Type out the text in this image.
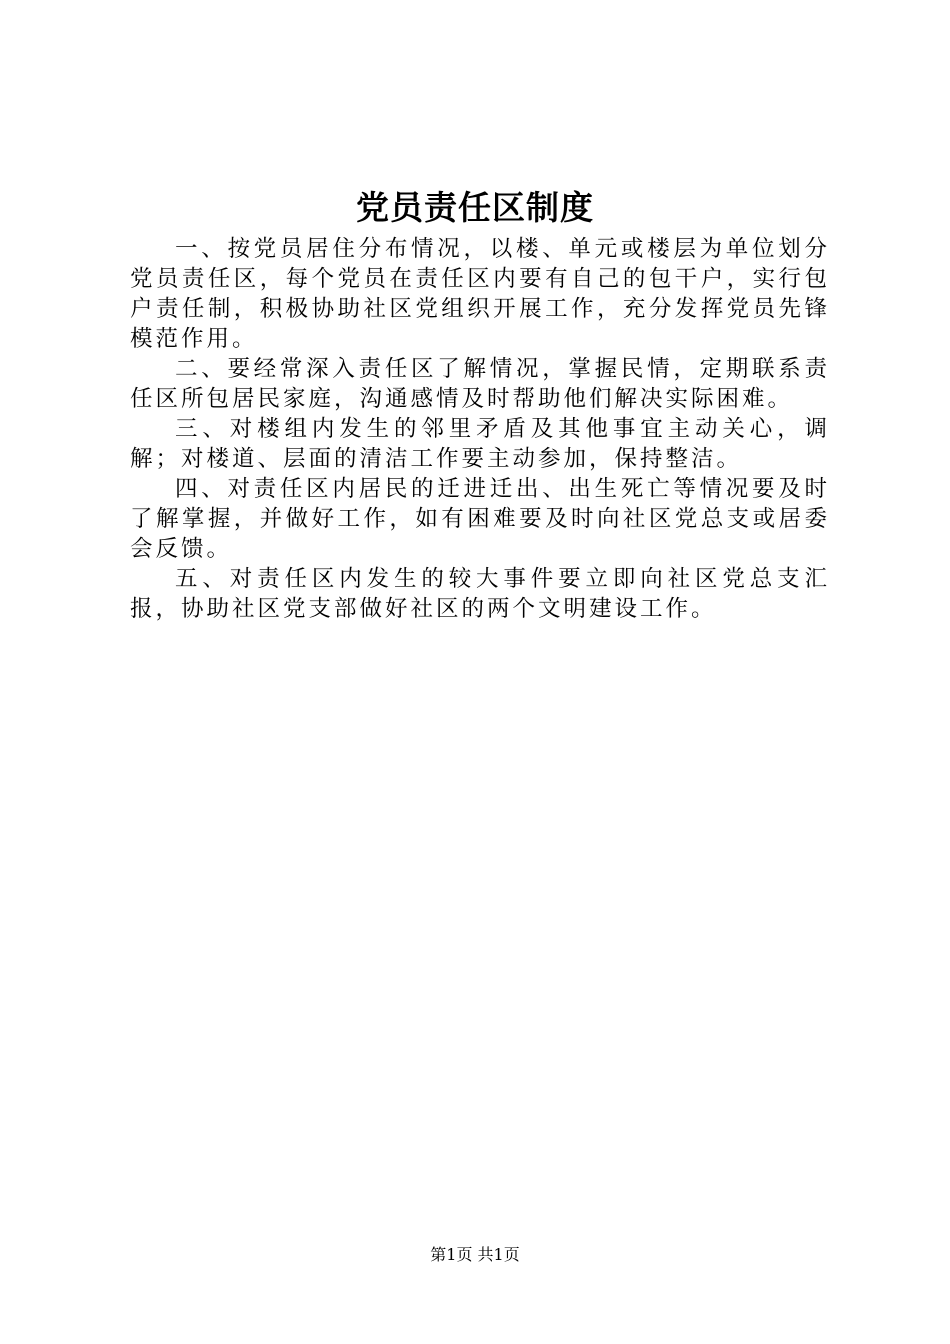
党员责任区制度

一、按党员居住分布情况，以楼、单元或楼层为单位划分党员责任区，每个党员在责任区内要有自己的包干户，实行包户责任制，积极协助社区党组织开展工作，充分发挥党员先锋模范作用。

二、要经常深入责任区了解情况，掌握民情，定期联系责任区所包居民家庭，沟通感情及时帮助他们解决实际困难。

三、对楼组内发生的邻里矛盾及其他事宜主动关心，调解；对楼道、层面的清洁工作要主动参加，保持整洁。

四、对责任区内居民的迁进迁出、出生死亡等情况要及时了解掌握，并做好工作，如有困难要及时向社区党总支或居委会反馈。

五、对责任区内发生的较大事件要立即向社区党总支汇报，协助社区党支部做好社区的两个文明建设工作。

第1页 共1页
